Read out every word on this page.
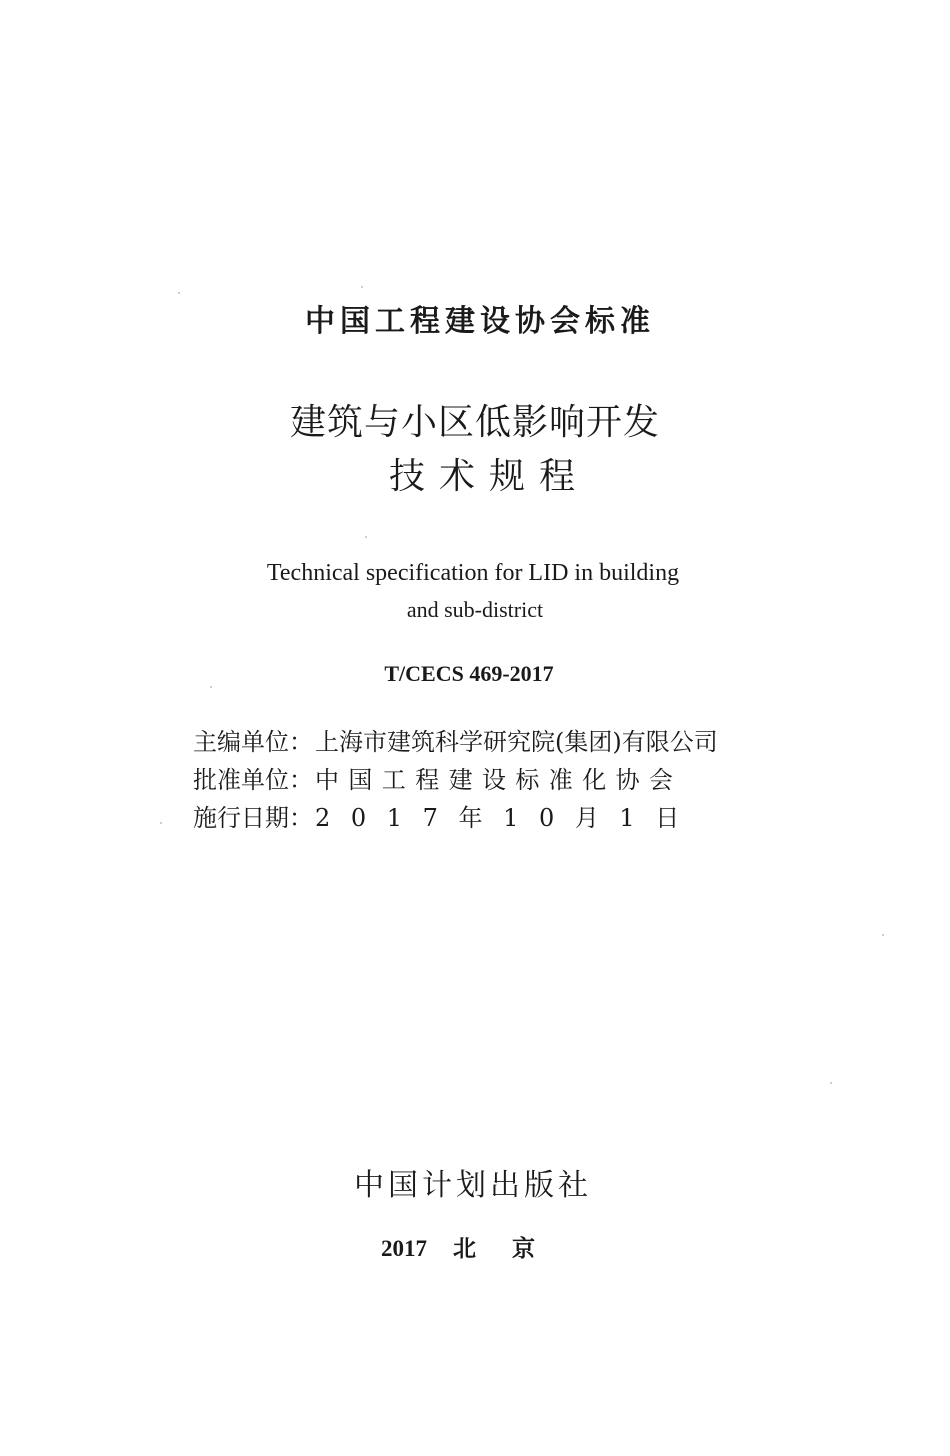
中国工程建设协会标准
建筑与小区低影响开发
技术规程
Technical specification for LID in building
and sub-district
T/CECS 469-2017
主编单位：上海市建筑科学研究院(集团)有限公司
批准单位：中国工程建设标准化协会
施行日期：2017年10月1日
中国计划出版社
2017 北京
